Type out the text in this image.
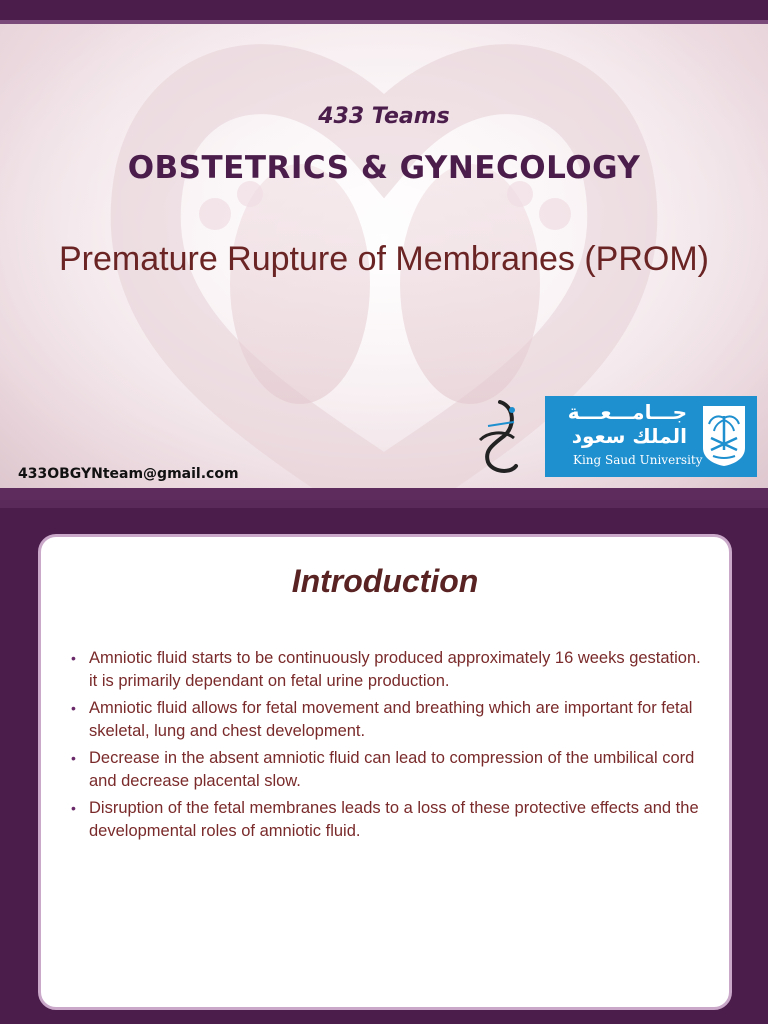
433 Teams
OBSTETRICS & GYNECOLOGY
Premature Rupture of Membranes (PROM)
جـــامـــعـــة
الملك سعود
King Saud University
433OBGYNteam@gmail.com
Introduction
• Amniotic fluid starts to be continuously produced approximately 16 weeks gestation. it is primarily dependant on fetal urine production.
• Amniotic fluid allows for fetal movement and breathing which are important for fetal skeletal, lung and chest development.
• Decrease in the absent amniotic fluid can lead to compression of the umbilical cord and decrease placental slow.
• Disruption of the fetal membranes leads to a loss of these protective effects and the developmental roles of amniotic fluid.
